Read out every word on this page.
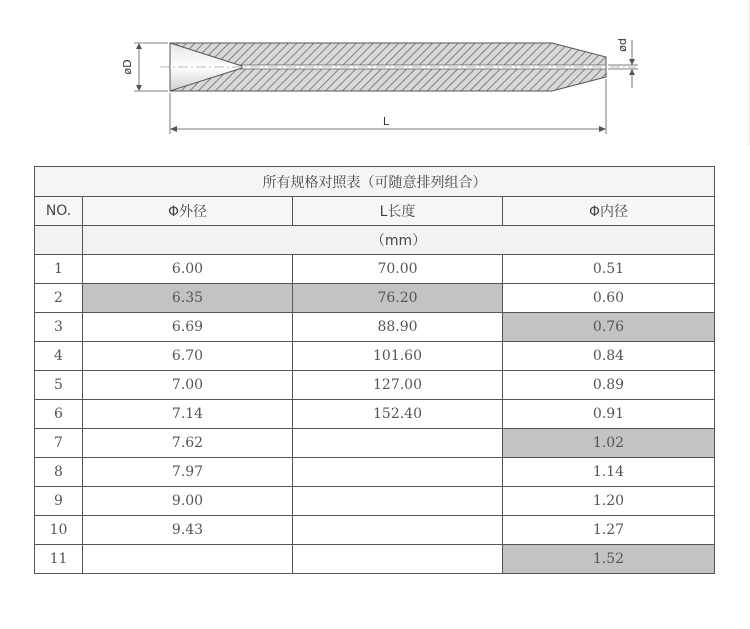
øD
ød
L
所有规格对照表（可随意排列组合）			
NO.	Φ外径	L长度	Φ内径
	（mm）		
1	6.00	70.00	0.51
2	6.35	76.20	0.60
3	6.69	88.90	0.76
4	6.70	101.60	0.84
5	7.00	127.00	0.89
6	7.14	152.40	0.91
7	7.62		1.02
8	7.97		1.14
9	9.00		1.20
10	9.43		1.27
11			1.52
